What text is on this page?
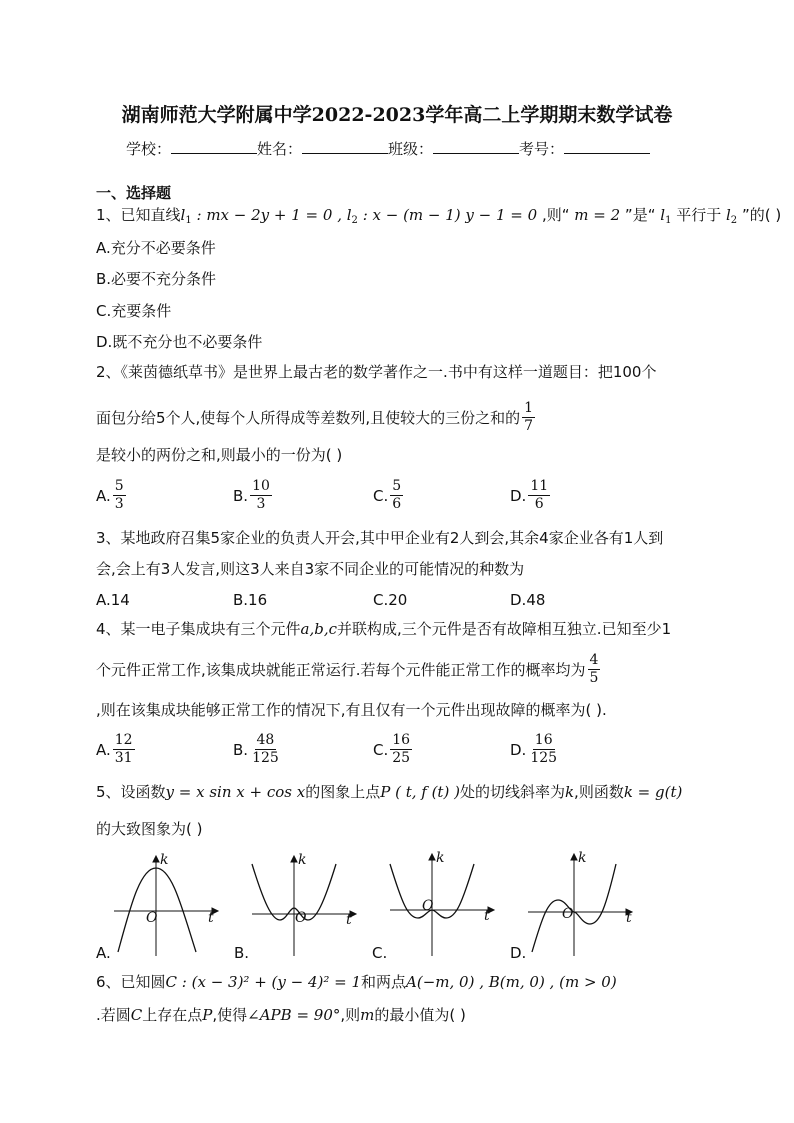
湖南师范大学附属中学2022-2023学年高二上学期期末数学试卷
学校：	姓名：	班级：	考号：
一、选择题
1、已知直线$l_1$ : mx − 2y + 1 = 0 , $l_2$ : x − (m − 1) y − 1 = 0 ,则“ m = 2 ”是“ $l_1$ 平行于 $l_2$ ”的( )
A.充分不必要条件
B.必要不充分条件
C.充要条件
D.既不充分也不必要条件
2、《莱茵德纸草书》是世界上最古老的数学著作之一.书中有这样一道题目：把100个
面包分给5个人,使每个人所得成等差数列,且使较大的三份之和的 $\frac{1}{7}$
是较小的两份之和,则最小的一份为( )
A. $\frac{5}{3}$	B. $\frac{10}{3}$	C. $\frac{5}{6}$	D. $\frac{11}{6}$
3、某地政府召集5家企业的负责人开会,其中甲企业有2人到会,其余4家企业各有1人到
会,会上有3人发言,则这3人来自3家不同企业的可能情况的种数为
A.14	B.16	C.20	D.48
4、某一电子集成块有三个元件a,b,c并联构成,三个元件是否有故障相互独立.已知至少1
个元件正常工作,该集成块就能正常运行.若每个元件能正常工作的概率均为 $\frac{4}{5}$
,则在该集成块能够正常工作的情况下,有且仅有一个元件出现故障的概率为( ).
A. $\frac{12}{31}$	B. $\frac{48}{125}$	C. $\frac{16}{25}$	D. $\frac{16}{125}$
5、设函数y = x sin x + cos x的图象上点P ( t, f (t) )处的切线斜率为k,则函数k = g(t)
的大致图象为( )
k
t
O
A.
k
t
O
B.
k
t
O
C.
k
t
O
D.
6、已知圆C : (x − 3)² + (y − 4)² = 1和两点A(−m, 0) , B(m, 0) , (m > 0)
.若圆C上存在点P,使得∠APB = 90°,则m的最小值为( )
